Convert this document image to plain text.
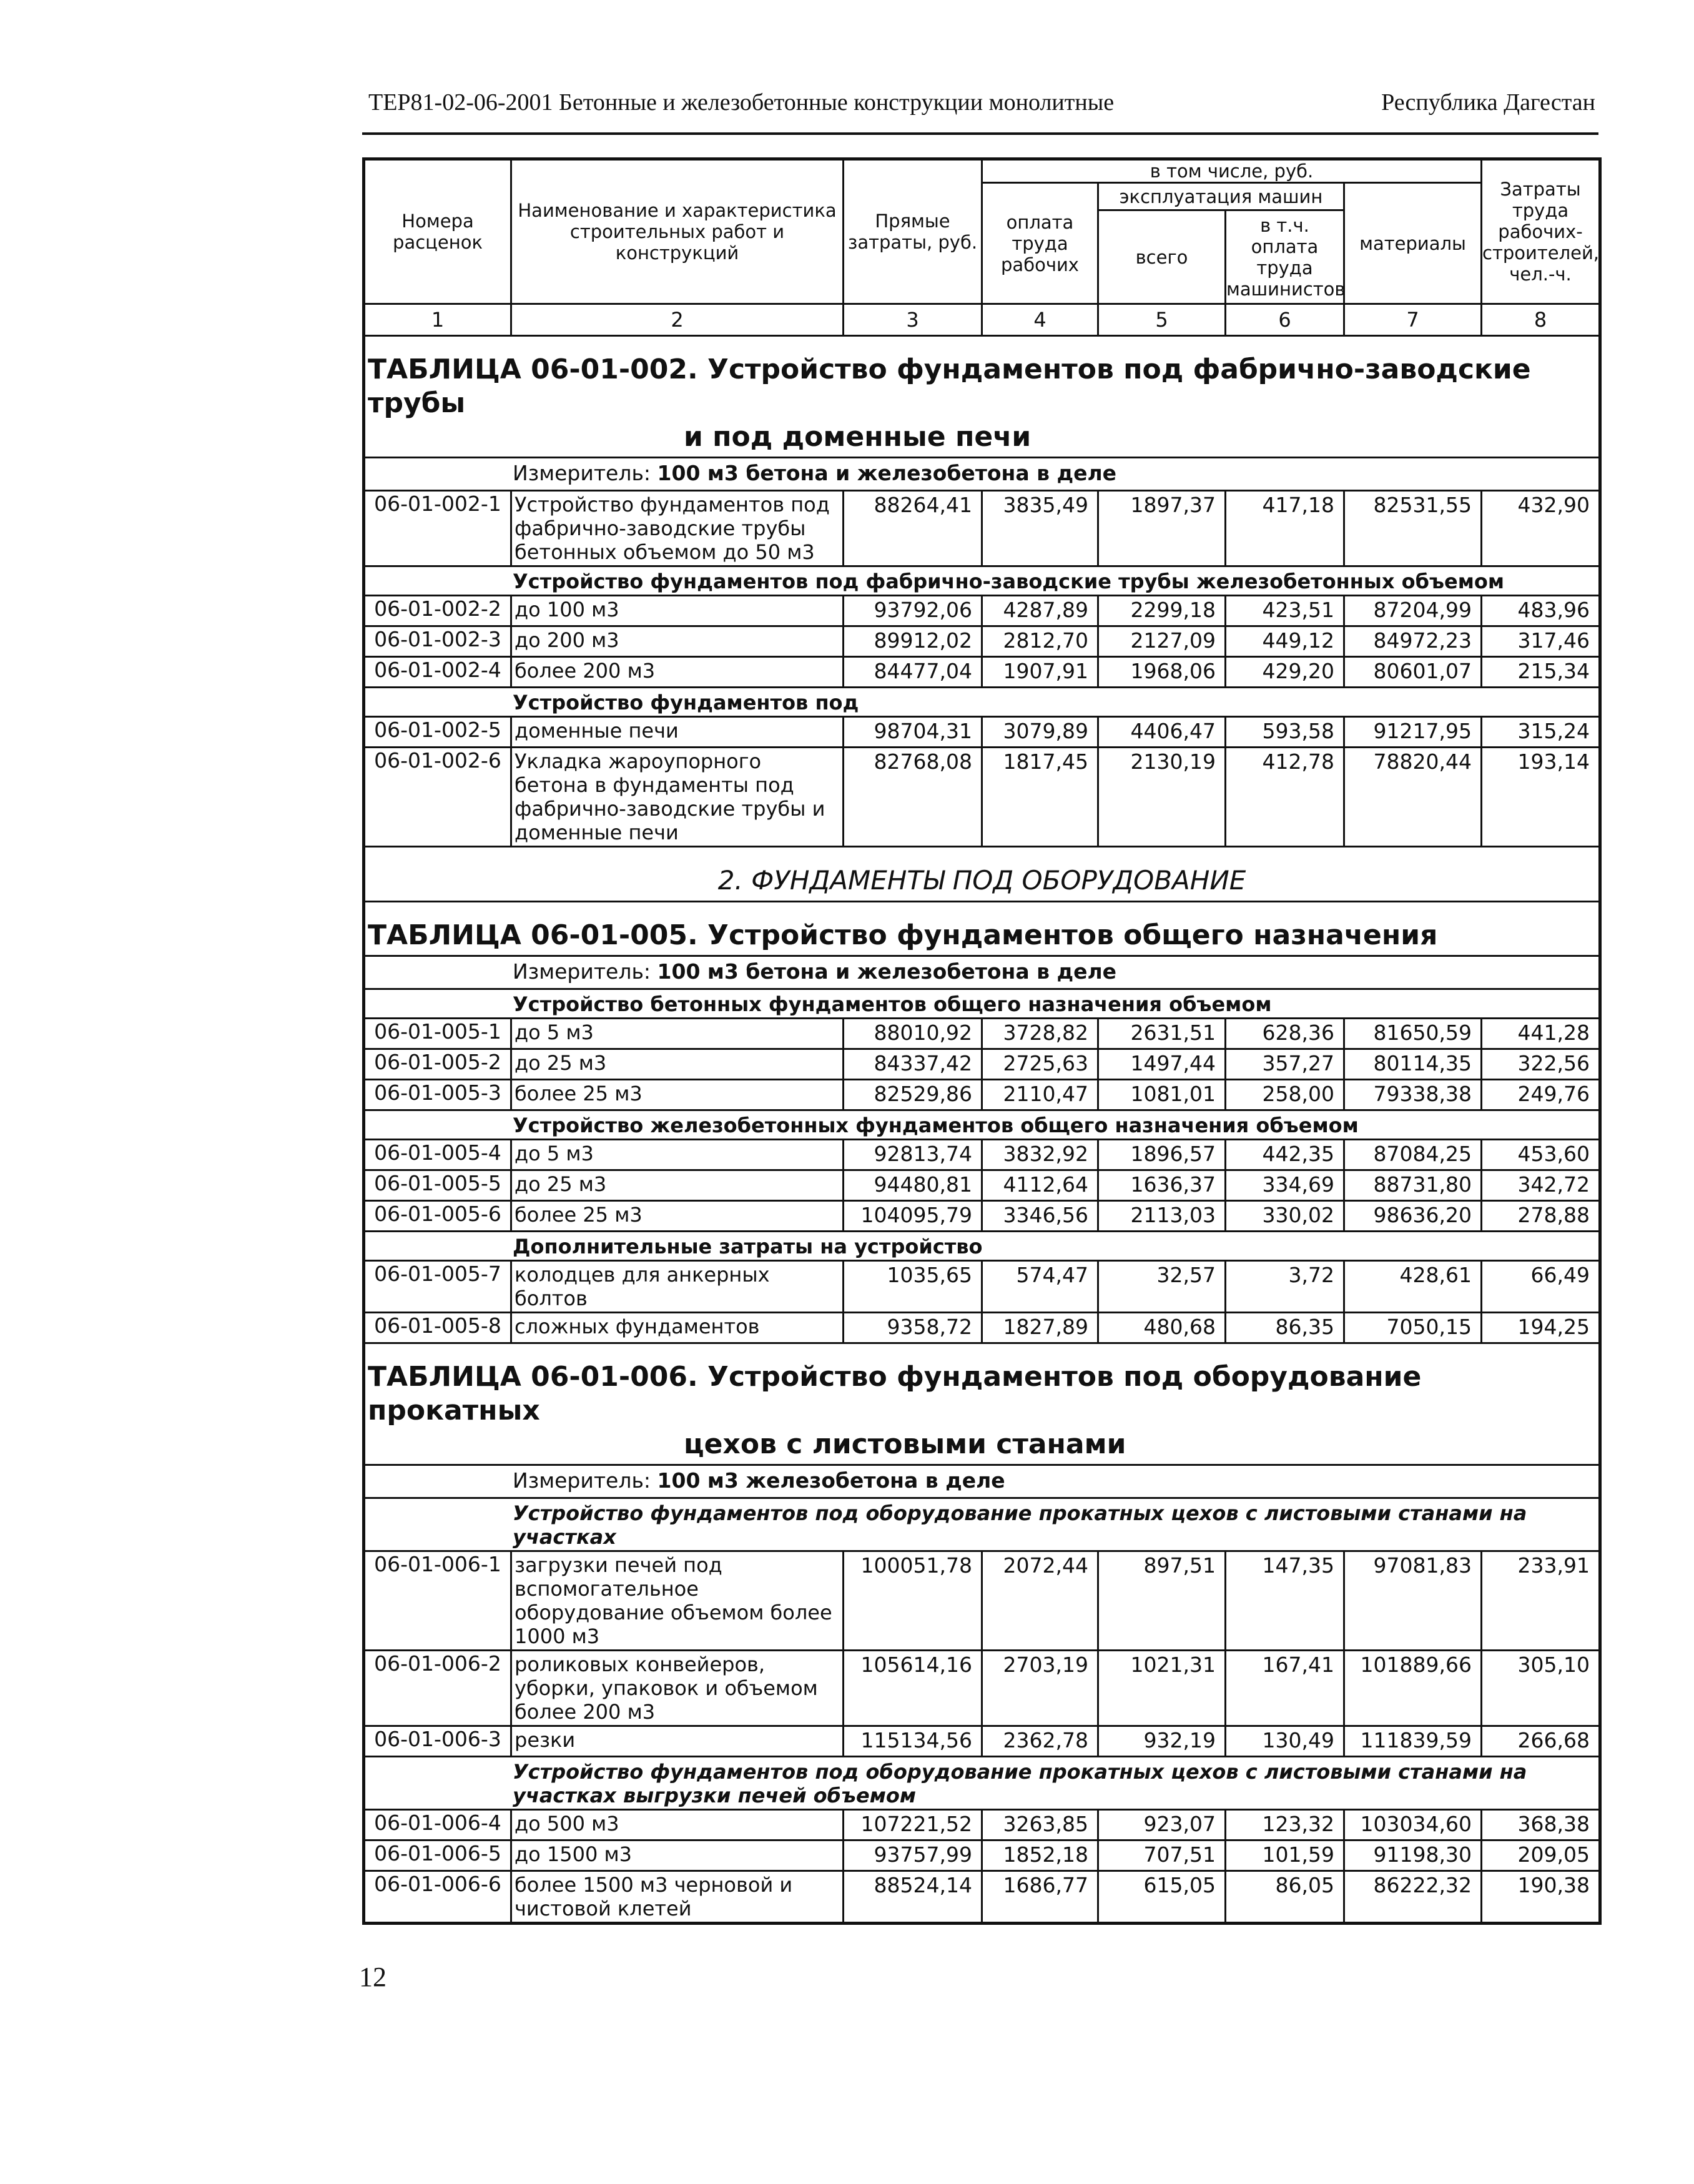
ТЕР81-02-06-2001 Бетонные и железобетонные конструкции монолитные	Республика Дагестан
Номера расценок	Наименование и характеристика строительных работ и конструкций	Прямые затраты, руб.	в том числе, руб.				Затраты труда рабочих-строителей, чел.-ч.
			оплата труда рабочих	эксплуатация машин		материалы	
				всего	в т.ч. оплата труда машинистов		
1	2	3	4	5	6	7	8
ТАБЛИЦА 06-01-002. Устройство фундаментов под фабрично-заводские трубы
и под доменные печи							

Измеритель: 100 м3 бетона и железобетона в деле							
06-01-002-1	Устройство фундаментов под фабрично-заводские трубы бетонных объемом до 50 м3	88264,41	3835,49	1897,37	417,18	82531,55	432,90
Устройство фундаментов под фабрично-заводские трубы железобетонных объемом							
06-01-002-2	до 100 м3	93792,06	4287,89	2299,18	423,51	87204,99	483,96
06-01-002-3	до 200 м3	89912,02	2812,70	2127,09	449,12	84972,23	317,46
06-01-002-4	более 200 м3	84477,04	1907,91	1968,06	429,20	80601,07	215,34
Устройство фундаментов под							
06-01-002-5	доменные печи	98704,31	3079,89	4406,47	593,58	91217,95	315,24
06-01-002-6	Укладка жароупорного бетона в фундаменты под фабрично-заводские трубы и доменные печи	82768,08	1817,45	2130,19	412,78	78820,44	193,14
2. ФУНДАМЕНТЫ ПОД ОБОРУДОВАНИЕ							
ТАБЛИЦА 06-01-005. Устройство фундаментов общего назначения							
Измеритель: 100 м3 бетона и железобетона в деле							
Устройство бетонных фундаментов общего назначения объемом							
06-01-005-1	до 5 м3	88010,92	3728,82	2631,51	628,36	81650,59	441,28
06-01-005-2	до 25 м3	84337,42	2725,63	1497,44	357,27	80114,35	322,56
06-01-005-3	более 25 м3	82529,86	2110,47	1081,01	258,00	79338,38	249,76
Устройство железобетонных фундаментов общего назначения объемом							
06-01-005-4	до 5 м3	92813,74	3832,92	1896,57	442,35	87084,25	453,60
06-01-005-5	до 25 м3	94480,81	4112,64	1636,37	334,69	88731,80	342,72
06-01-005-6	более 25 м3	104095,79	3346,56	2113,03	330,02	98636,20	278,88
Дополнительные затраты на устройство							
06-01-005-7	колодцев для анкерных болтов	1035,65	574,47	32,57	3,72	428,61	66,49
06-01-005-8	сложных фундаментов	9358,72	1827,89	480,68	86,35	7050,15	194,25
ТАБЛИЦА 06-01-006. Устройство фундаментов под оборудование прокатных
цехов с листовыми станами							

Измеритель: 100 м3 железобетона в деле							
Устройство фундаментов под оборудование прокатных цехов с листовыми станами на участках							
06-01-006-1	загрузки печей под вспомогательное оборудование объемом более 1000 м3	100051,78	2072,44	897,51	147,35	97081,83	233,91
06-01-006-2	роликовых конвейеров, уборки, упаковок и объемом более 200 м3	105614,16	2703,19	1021,31	167,41	101889,66	305,10
06-01-006-3	резки	115134,56	2362,78	932,19	130,49	111839,59	266,68
Устройство фундаментов под оборудование прокатных цехов с листовыми станами на участках выгрузки печей объемом							
06-01-006-4	до 500 м3	107221,52	3263,85	923,07	123,32	103034,60	368,38
06-01-006-5	до 1500 м3	93757,99	1852,18	707,51	101,59	91198,30	209,05
06-01-006-6	более 1500 м3 черновой и чистовой клетей	88524,14	1686,77	615,05	86,05	86222,32	190,38
12
